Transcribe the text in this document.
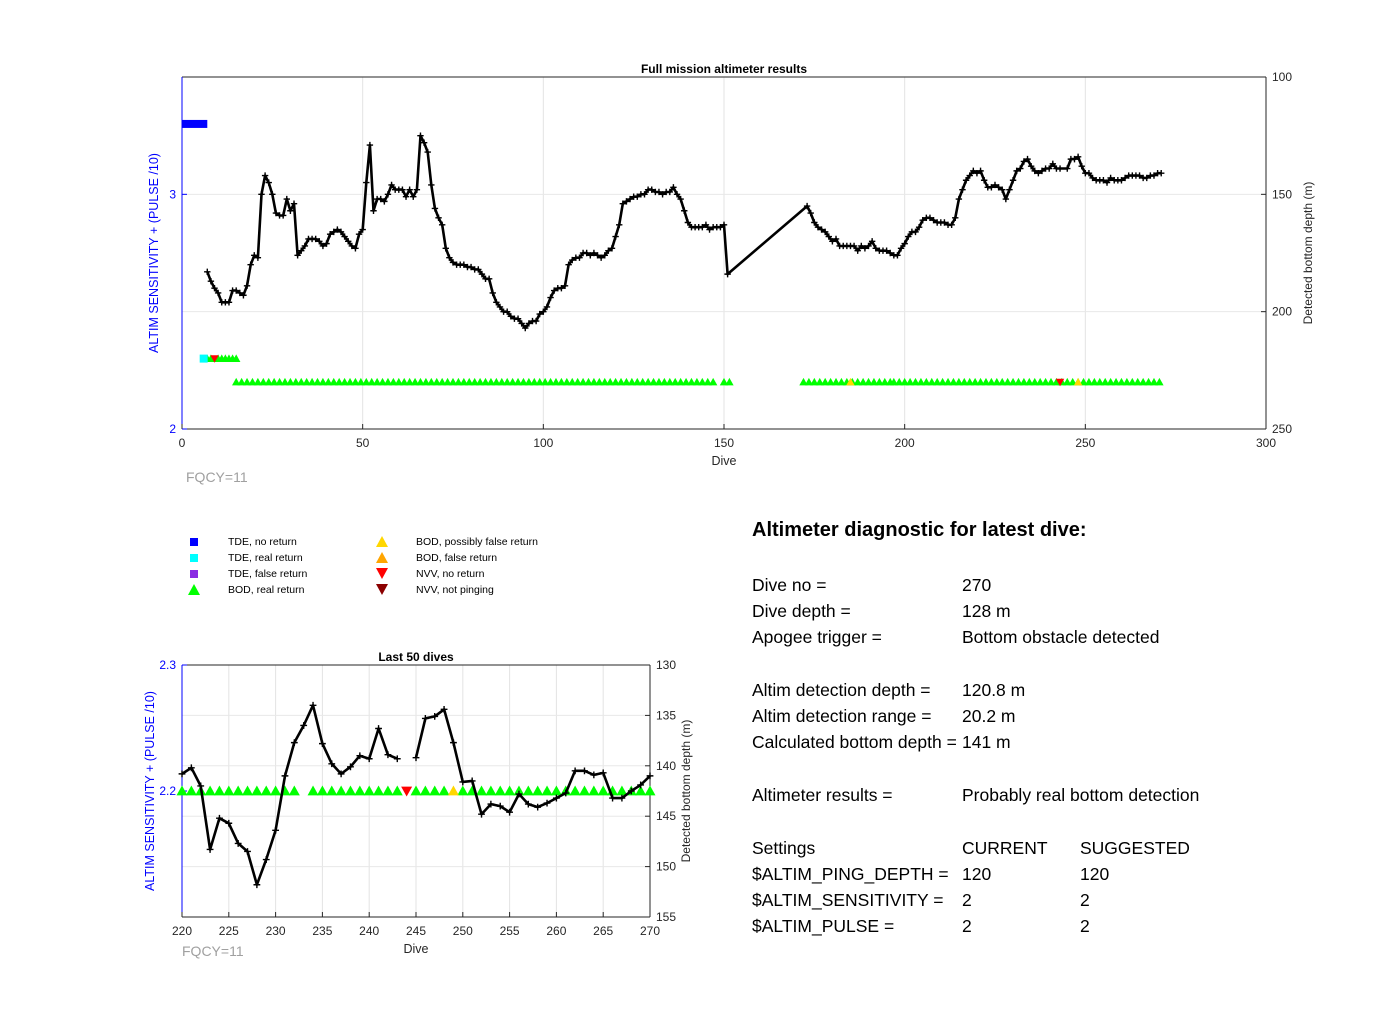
0	50	100	150	200	250	300
2
3
100
150
200
250
Full mission altimeter results
Dive
ALTIM SENSITIVITY + (PULSE /10)	Detected bottom depth (m)
FQCY=11
220 225 230 235 240 245 250 255 260 265 270
2.2
2.3	130
135
140
145
150
155
Last 50 dives
Dive
ALTIM SENSITIVITY + (PULSE /10)	Detected bottom depth (m)
FQCY=11
TDE, no return
TDE, real return
TDE, false return
BOD, real return
BOD, possibly false return
BOD, false return
NVV, no return
NVV, not pinging
Altimeter diagnostic for latest dive:
Dive no =	270
Dive depth =	128 m
Apogee trigger =	Bottom obstacle detected
Altim detection depth = 120.8 m
Altim detection range = 20.2 m
Calculated bottom depth = 141 m
Altimeter results =	Probably real bottom detection
Settings	CURRENT SUGGESTED
$ALTIM_PING_DEPTH = 120	120
$ALTIM_SENSITIVITY = 2	2
$ALTIM_PULSE =	2	2
